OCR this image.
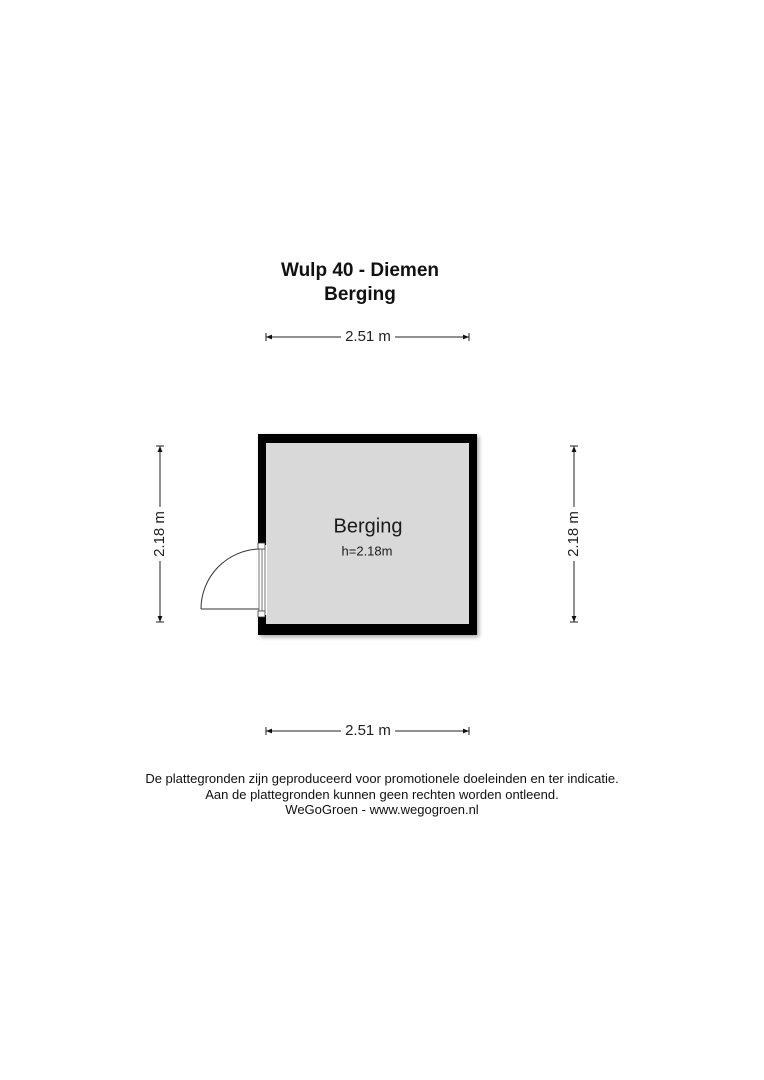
Wulp 40 - Diemen
Berging
2.51 m
2.51 m
2.18 m	2.18 m
Berging
h=2.18m
De plattegronden zijn geproduceerd voor promotionele doeleinden en ter indicatie.
Aan de plattegronden kunnen geen rechten worden ontleend.
WeGoGroen - www.wegogroen.nl
